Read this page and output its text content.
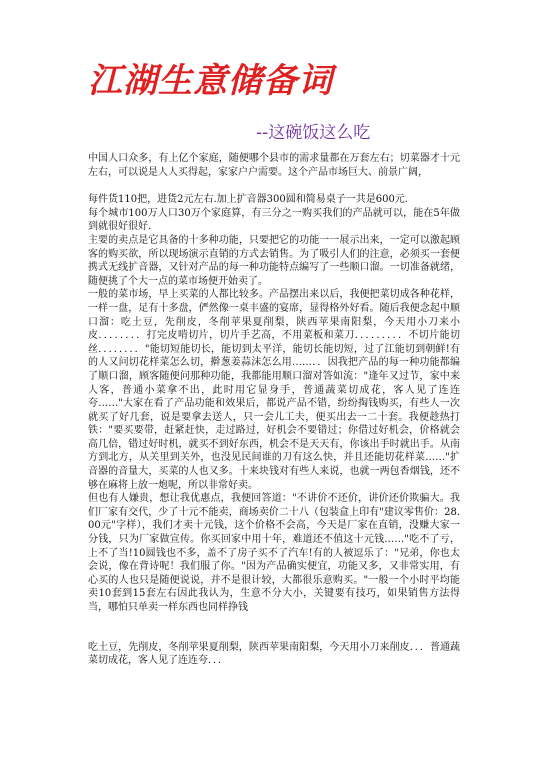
江湖生意储备词
--这碗饭这么吃

中国人口众多，有上亿个家庭，随便哪个县市的需求量都在万套左右；切菜器才十元左右，可以说是人人买得起，家家户户需要。这个产品市场巨大、前景广阔，

每件货110把，进货2元左右.加上扩音器300圆和简易桌子一共是600元.

每个城市100万人口30万个家庭算，有三分之一购买我们的产品就可以，能在5年做到就很好很好.

主要的卖点是它具备的十多种功能，只要把它的功能一一展示出来，一定可以激起顾客的购买欲，所以现场演示直销的方式去销售。为了吸引人们的注意，必须买一套便携式无线扩音器，又针对产品的每一种功能特点编写了一些顺口溜。一切准备就绪，随便挑了个大一点的菜市场便开始卖了。

一般的菜市场，早上买菜的人都比较多。产品摆出来以后，我便把菜切成各种花样，一样一盘，足有十多盘，俨然像一桌丰盛的宴席，显得格外好看。随后我便念起中顺口溜：吃土豆，先削皮，冬削苹果夏削梨，陕西苹果南阳梨，今天用小刀来小皮．．．．．．．．打完皮啃切片，切片手艺高，不用菜板和菜刀．．．．．．．．．不切片能切丝．．．．．．．．"能切短能切长，能切到太平洋，能切长能切短，过了江能切到朝鲜!有的人又问切花样菜怎么切，擀葱姜蒜沫怎么用……．．因我把产品的每一种功能都编了顺口溜，顾客随便问那种功能，我都能用顺口溜对答如流："逢年又过节，家中来人客，普通小菜拿不出，此时用它显身手，普通蔬菜切成花，客人见了连连夸……"大家在看了产品功能和效果后，都说产品不错，纷纷掏钱购买，有些人一次就买了好几套，说是要拿去送人，只一会儿工夫，便买出去一二十套。我便趁热打铁："要买要带，赶紧赶快，走过路过，好机会不要错过；你借过好机会，价格就会高几倍，错过好时机，就买不到好东西，机会不是天天有，你该出手时就出手。从南方到北方，从关里到关外，也没见民间谁的刀有这么快，并且还能切花样菜……"扩音器的音量大，买菜的人也又多。十来块钱对有些人来说，也就一两包香烟钱，还不够在麻将上放一炮呢，所以非常好卖。

但也有人嫌贵，想让我优惠点，我便回答道："不讲价不还价，讲价还价欺骗大。我们厂家有交代，少了十元不能卖，商场卖价二十八（包装盒上印有"建议零售价：28.00元"字样），我们才卖十元钱，这个价格不会高，今天是厂家在直销，没赚大家一分钱，只为厂家做宣传。你买回家中用十年，难道还不值这十元钱……"吃不了亏，上不了当!10圆钱也不多，盖不了房子买不了汽车!有的人被逗乐了："兄弟，你也太会说，像在背诗呢！我们服了你。"因为产品确实便宜，功能又多，又非常实用，有心买的人也只是随便说说，并不是很计较，大都很乐意购买。"一般一个小时平均能卖10套到15套左右因此我认为，生意不分大小，关键要有技巧，如果销售方法得当，哪怕只单卖一样东西也同样挣钱

吃土豆，先削皮，冬削苹果夏削梨，陕西苹果南阳梨，今天用小刀来削皮．．．普通蔬菜切成花，客人见了连连夸．．．
